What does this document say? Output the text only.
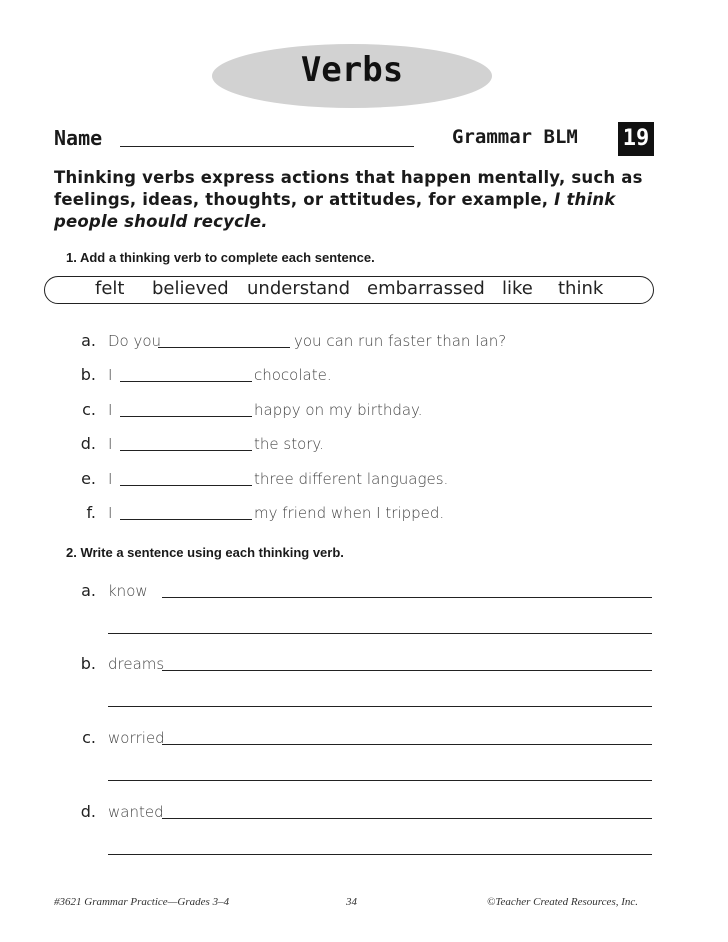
Verbs
Name	Grammar BLM 19
Thinking verbs express actions that happen mentally, such as feelings, ideas, thoughts, or attitudes, for example, I think people should recycle.
1. Add a thinking verb to complete each sentence.
felt believed understand embarrassed like think
a. Do you	you can run faster than Ian?
b. I	chocolate.
c. I	happy on my birthday.
d. I	the story.
e. I	three different languages.
f. I	my friend when I tripped.
2. Write a sentence using each thinking verb.
a. know
b. dreams
c. worried
d. wanted
#3621 Grammar Practice—Grades 3–4	34	©Teacher Created Resources, Inc.
